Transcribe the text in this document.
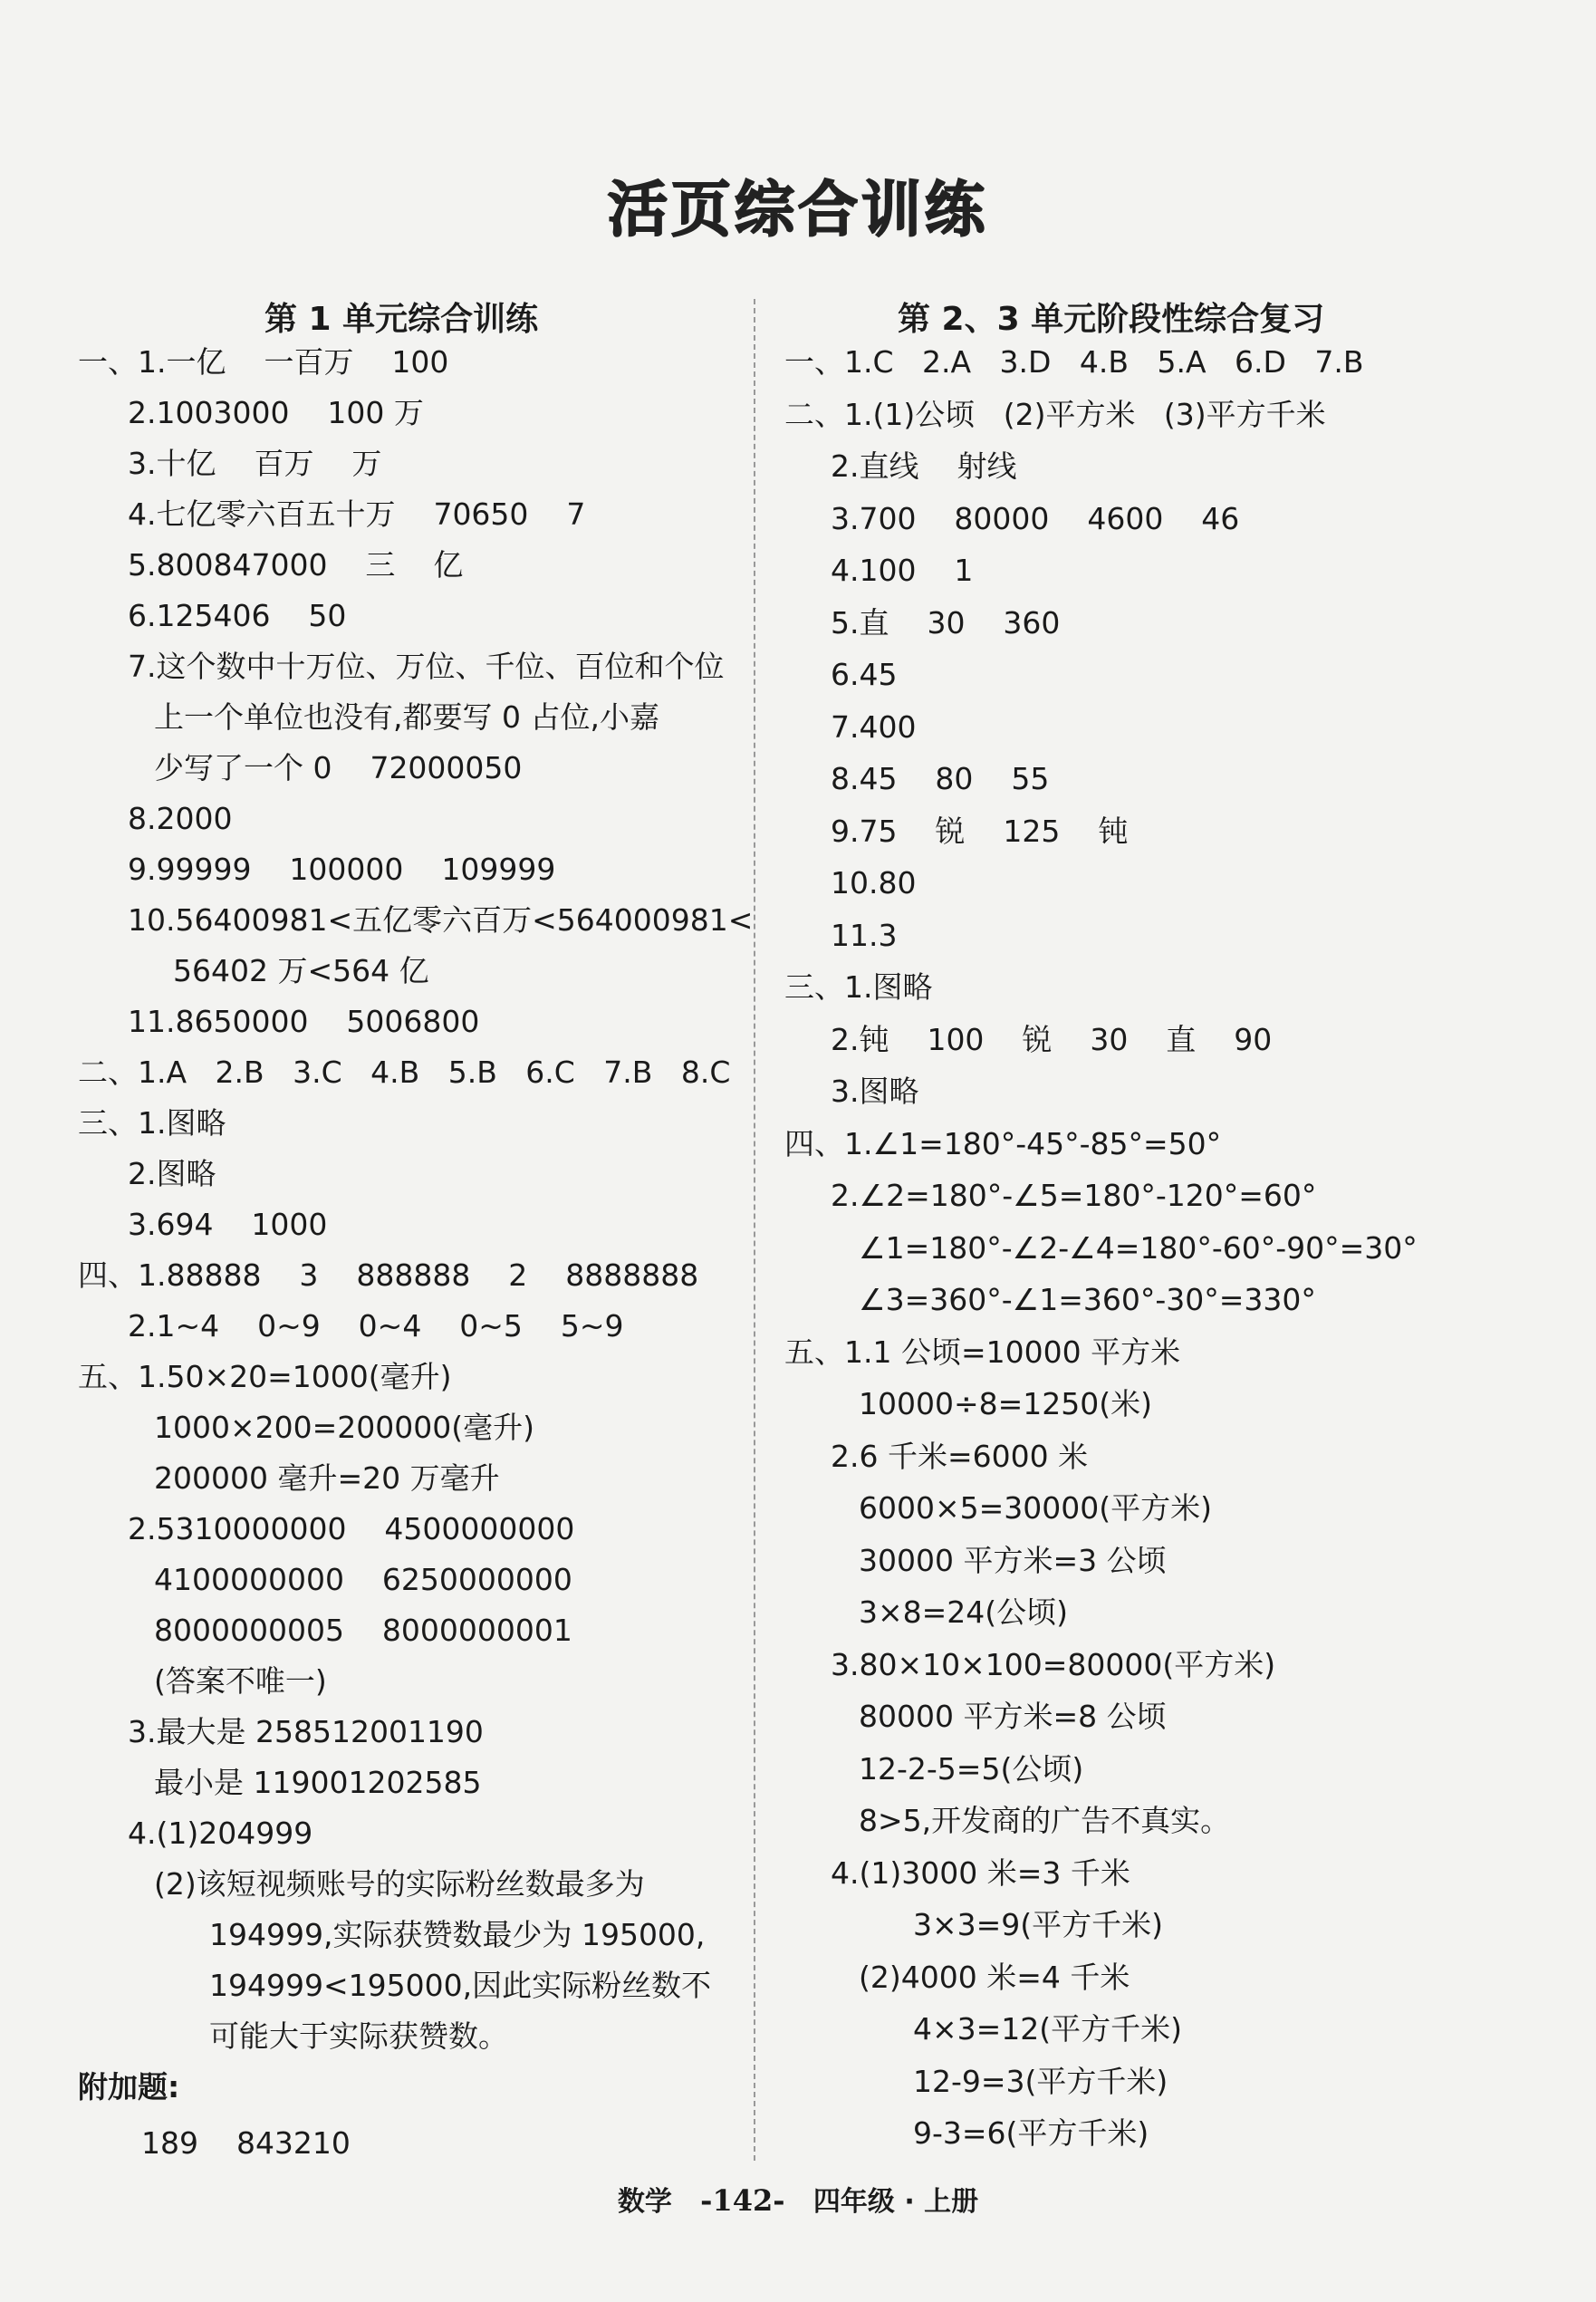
活页综合训练
第 1 单元综合训练
一、1.一亿    一百万    100
2.1003000    100 万
3.十亿    百万    万
4.七亿零六百五十万    70650    7
5.800847000    三    亿
6.125406    50
7.这个数中十万位、万位、千位、百位和个位
上一个单位也没有,都要写 0 占位,小嘉
少写了一个 0    72000050
8.2000
9.99999    100000    109999
10.56400981<五亿零六百万<564000981<
56402 万<564 亿
11.8650000    5006800
二、1.A   2.B   3.C   4.B   5.B   6.C   7.B   8.C
三、1.图略
2.图略
3.694    1000
四、1.88888    3    888888    2    8888888
2.1~4    0~9    0~4    0~5    5~9
五、1.50×20=1000(毫升)
1000×200=200000(毫升)
200000 毫升=20 万毫升
2.5310000000    4500000000
4100000000    6250000000
8000000005    8000000001
(答案不唯一)
3.最大是 258512001190
最小是 119001202585
4.(1)204999
(2)该短视频账号的实际粉丝数最多为
194999,实际获赞数最少为 195000,
194999<195000,因此实际粉丝数不
可能大于实际获赞数。
附加题:
189    843210
第 2、3 单元阶段性综合复习
一、1.C   2.A   3.D   4.B   5.A   6.D   7.B
二、1.(1)公顷   (2)平方米   (3)平方千米
2.直线    射线
3.700    80000    4600    46
4.100    1
5.直    30    360
6.45
7.400
8.45    80    55
9.75    锐    125    钝
10.80
11.3
三、1.图略
2.钝    100    锐    30    直    90
3.图略
四、1.∠1=180°-45°-85°=50°
2.∠2=180°-∠5=180°-120°=60°
∠1=180°-∠2-∠4=180°-60°-90°=30°
∠3=360°-∠1=360°-30°=330°
五、1.1 公顷=10000 平方米
10000÷8=1250(米)
2.6 千米=6000 米
6000×5=30000(平方米)
30000 平方米=3 公顷
3×8=24(公顷)
3.80×10×100=80000(平方米)
80000 平方米=8 公顷
12-2-5=5(公顷)
8>5,开发商的广告不真实。
4.(1)3000 米=3 千米
3×3=9(平方千米)
(2)4000 米=4 千米
4×3=12(平方千米)
12-9=3(平方千米)
9-3=6(平方千米)
数学 -142- 四年级 · 上册
